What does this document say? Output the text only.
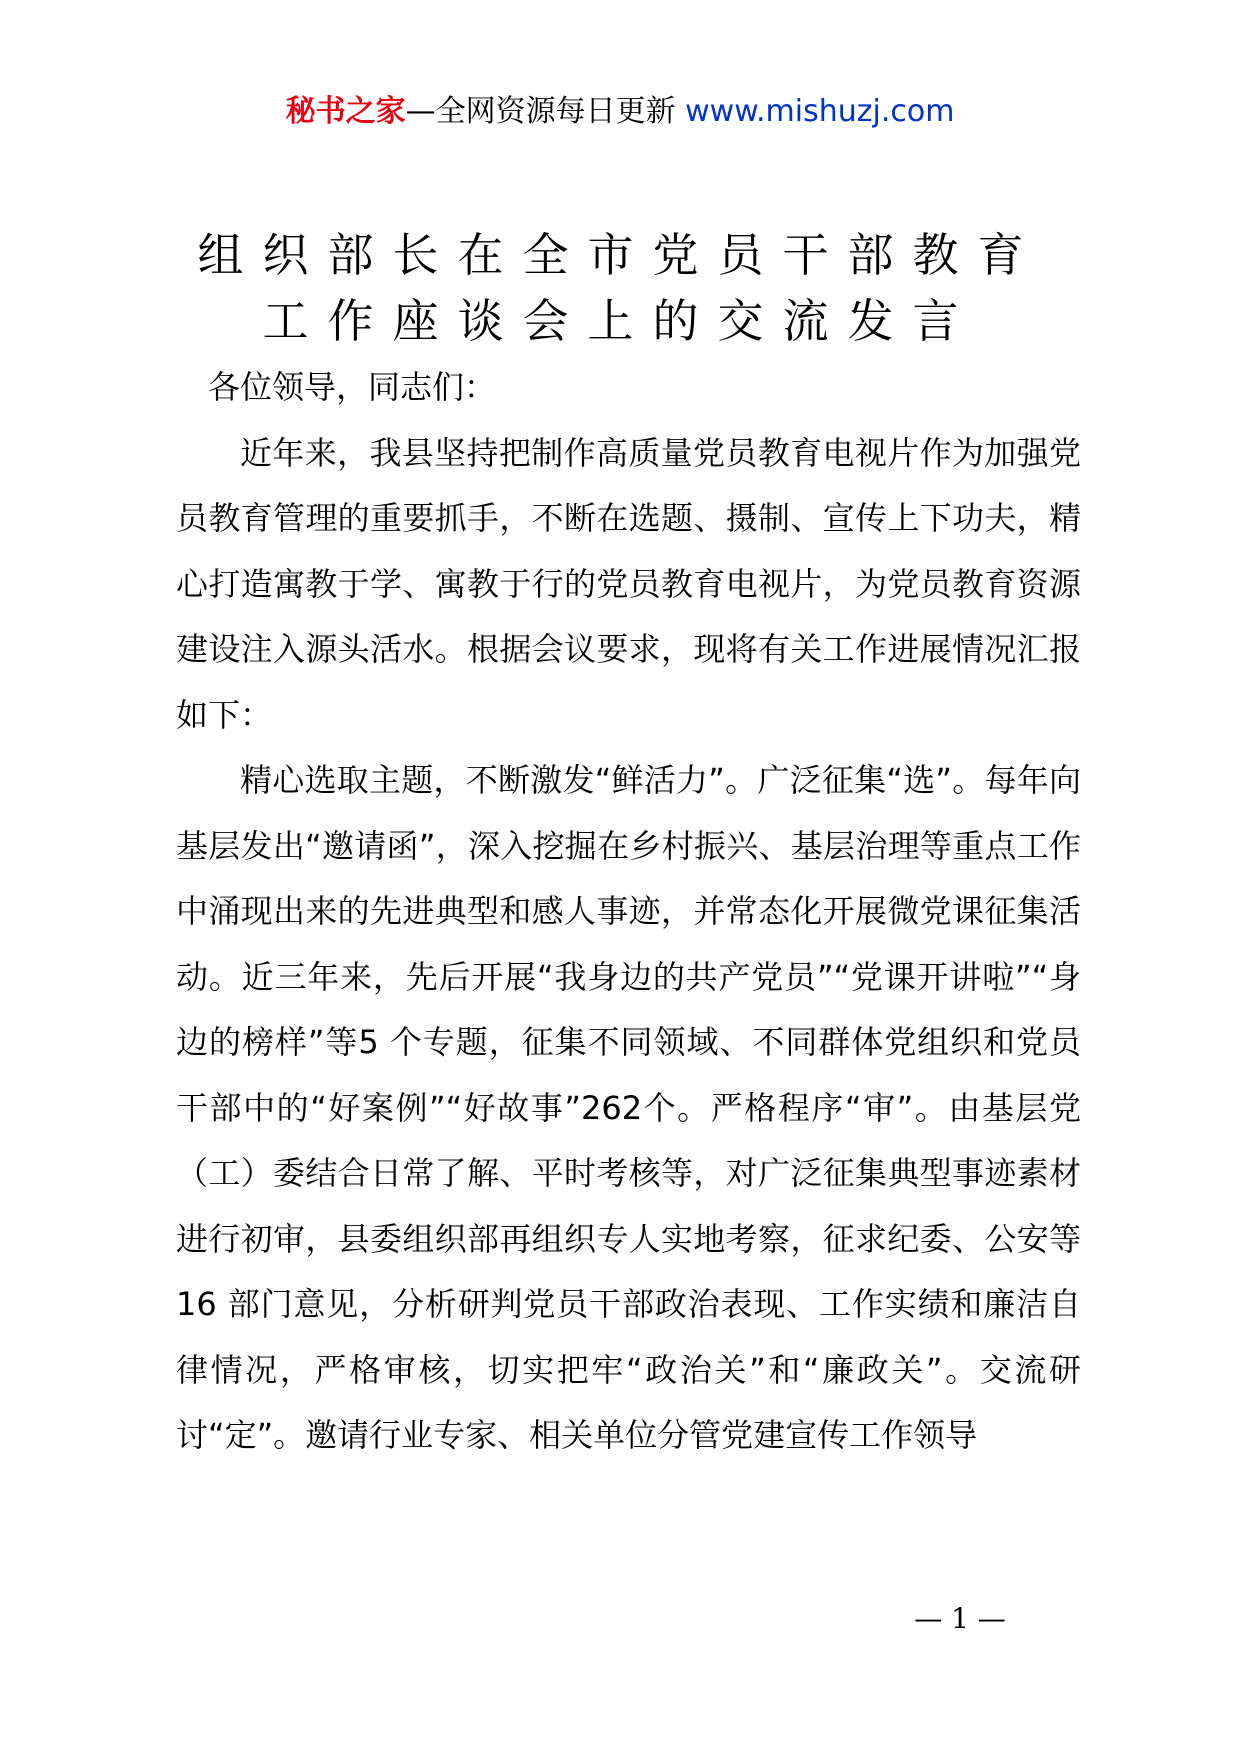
秘书之家—全网资源每日更新 www.mishuzj.com
组织部长在全市党员干部教育
工作座谈会上的交流发言

各位领导，同志们：

近年来，我县坚持把制作高质量党员教育电视片作为加强党员教育管理的重要抓手，不断在选题、摄制、宣传上下功夫，精心打造寓教于学、寓教于行的党员教育电视片，为党员教育资源建设注入源头活水。根据会议要求，现将有关工作进展情况汇报如下：

精心选取主题，不断激发“鲜活力”。广泛征集“选”。每年向基层发出“邀请函”，深入挖掘在乡村振兴、基层治理等重点工作中涌现出来的先进典型和感人事迹，并常态化开展微党课征集活动。近三年来，先后开展“我身边的共产党员”“党课开讲啦”“身边的榜样”等5 个专题，征集不同领域、不同群体党组织和党员干部中的“好案例”“好故事”262个。严格程序“审”。由基层党（工）委结合日常了解、平时考核等，对广泛征集典型事迹素材进行初审，县委组织部再组织专人实地考察，征求纪委、公安等16 部门意见，分析研判党员干部政治表现、工作实绩和廉洁自律情况，严格审核，切实把牢“政治关”和“廉政关”。交流研讨“定”。邀请行业专家、相关单位分管党建宣传工作领导

— 1 —
